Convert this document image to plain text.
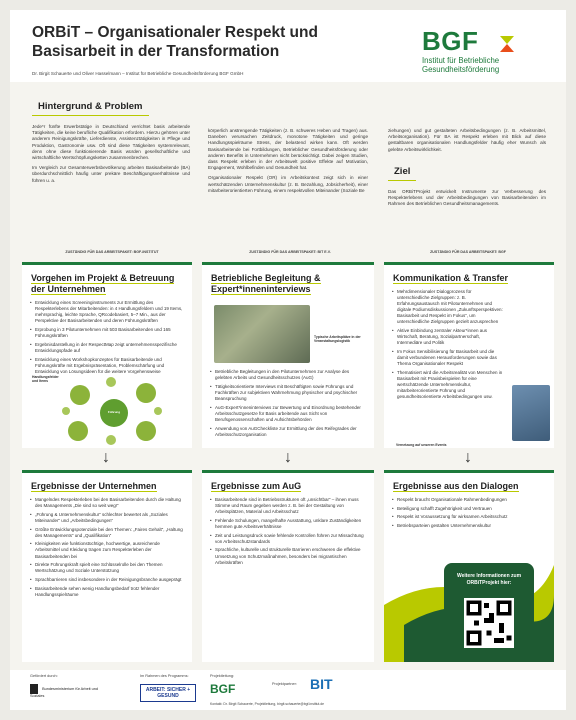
ORBiT – Organisationaler Respekt und Basisarbeit in der Transformation
Dr. Birgit Schauerte und Oliver Hasselmann – Institut für Betriebliche Gesundheitsförderung BGF GmbH
BGF
Institut für Betriebliche
Gesundheitsförderung
Hintergrund & Problem

Jede*r fünfte Erwerbstätige in Deutschland verrichtet basis arbeitende Tätigkeiten, die keine berufliche Qualifikation erfordern. Hierzu gehören unter anderem Reinigungskräfte, Lieferdienste, Assistenztätigkeiten in Pflege und Produktion, Gastronomie usw. Oft sind diese Tätigkeiten systemrelevant, denn ohne diese funktionierende Basis würden gesellschaftliche und wirtschaftliche Wertschöpfungsketten zusammenbrechen.

Im Vergleich zur Gesamterwerbsbevölkerung arbeiten Basisarbeitende (BA) überdurchschnittlich häufig unter prekäre Beschäftigungsverhältnisse und führen u. a.

körperlich anstrengende Tätigkeiten (z. B. schweres Heben und Tragen) aus. Daneben verursachen Zeitdruck, monotone Tätigkeiten und geringe Handlungsspielräume Stress, der belastend wirken kann. Oft werden Basisarbeitende bei Fortbildungen, Betrieblicher Gesundheitsförderung oder anderen Benefits in Unternehmen nicht berücksichtigt. Dabei zeigen Studien, dass Respekt erleben in der Arbeitswelt positive Effekte auf Motivation, Engagement, Wohlbefinden und Gesundheit hat.

Organisationaler Respekt (OR) im Arbeitskontext zeigt sich in einer wertschätzenden Unternehmenskultur (z. B. Bezahlung, Jobsicherheit), einer mitarbeiterorientierten Führung, einem respektvollen Miteinander (Soziale Be

ziehungen) und gut gestalteten Arbeitsbedingungen (z. B. Arbeitsmittel, Arbeitsorganisation). Für BA ist Respekt erleben mit Blick auf diese gestaltbaren organisationalen Handlungsfelder häufig eher Wunsch als gelebte Arbeitswirklichkeit.

Ziel

Das ORBiTProjekt entwickelt Instrumente zur Verbesserung des Respekterlebens und der Arbeitsbedingungen von Basisarbeitenden im Rahmen des Betrieblichen Gesundheitsmanagements.

ZUSTÄNDIG FÜR DAS ARBEITSPAKET: BGF-INSTITUT	ZUSTÄNDIG FÜR DAS ARBEITSPAKET: BIT E.V.	ZUSTÄNDIG FÜR DAS ARBEITSPAKET: BGF
Vorgehen im Projekt & Betreuung der Unternehmen
• Entwicklung eines Screeninginstruments zur Ermittlung des Respekterlebens der Mitarbeitenden: in 4 Handlungsfeldern und 19 Items, mehrsprachig, leichte Sprache, QRcodebasiert, 5–7 Min., aus der Perspektive der Basisarbeitenden und deren Führungskräften
• Erprobung in 3 Pilotunternehmen mit 503 Basisarbeitenden und 165 Führungskräften
• Ergebnisdarstellung in der RespectMap zeigt unternehmensspezifische Entwicklungspfade auf
• Entwicklung eines Workshopkonzeptes für Basisarbeitende und Führungskräfte mit Ergebnispräsentation, Problemschärfung und Entwicklung von Lösungsideen für die weitere Vorgehensweise
Handlungsfelder und Items
Führung
Betriebliche Begleitung & Expert*inneninterviews
Typische Arbeitsplätze in der Veranstaltungslogistik
• Betriebliche Begleitungen in den Pilotunternehmen zur Analyse des gelebten Arbeits und Gesundheitsschutzes (AuG)
• Tätigkeitsorientierte Interviews mit Beschäftigten sowie Führungs und Fachkräften zur subjektiven Wahrnehmung physischer und psychischer Beanspruchung
• AuG-Expert*inneninterviews zur Bewertung und Einordnung bestehender Arbeitsschutzgesetze für Basis arbeitende aus Sicht von Berufsgenossenschaften und Aufsichtsbehörden
• Anwendung von AuGCheckliste zur Ermittlung der des Reifegrades der Arbeitsschutzorganisation
Kommunikation & Transfer
• Mehrdimensionaler Dialogprozess für unterschiedliche Zielgruppen: z. B. Erfahrungsaustausch mit Pilotunternehmen und digitale Podiumsdiskussionen „Zukunftsperspektiven: Basisarbeit und Respekt im Fokus“, um unterschiedliche Zielgruppen gezielt anzusprechen
• Aktive Einbindung zentraler Akteur*innen aus Wirtschaft, Beratung, Sozialpartnerschaft, Intermediäre und Politik
• Im Fokus Sensibilisierung für Basisarbeit und die damit verbundenen Herausforderungen sowie das Thema Organisationaler Respekt
• Thematisiert wird die Arbeitsrealität von Menschen in Basisarbeit mit Praxisbeispielen für eine wertschätzende Unternehmenskultur, mitarbeiterorientierte Führung und gesundheitsorientierte Arbeitsbedingungen usw.
Vernetzung auf unseren Events
↓	↓	↓
Ergebnisse der Unternehmen
• Mangelndes Respekterleben bei den Basisarbeitenden durch die Haltung des Managements „Die sind so weit weg!“
• „Führung & Unternehmenskultur“ schlechter bewertet als „Soziales Miteinander“ und „Arbeitsbedingungen“
• Größte Entwicklungspotenziale bei den Themen: „Faires Gehalt“, „Haltung des Managements“ und „Qualifikation“
• Kleinigkeiten wie funktionstüchtige, hochwertige, ausreichende Arbeitsmittel und Kleidung tragen zum Respekterleben der Basisarbeitenden bei
• Direkte Führungskraft spielt eine Schlüsselrolle bei den Themen Wertschätzung und Soziale Unterstützung
• Sprachbarrieren sind insbesondere in der Reinigungsbranche ausgeprägt
• Basisarbeitende sehen wenig Handlungsbedarf trotz fehlender Handlungsspielräume
Ergebnisse zum AuG
• Basisarbeitende sind in Betriebsstrukturen oft „unsichtbar“ – ihnen muss Stimme und Raum gegeben werden z. B. bei der Gestaltung von Arbeitsplätzen, Material und Arbeitsschutz
• Fehlende Schulungen, mangelhafte Ausstattung, unklare Zuständigkeiten hemmen gute Arbeitsverhältnisse
• Zeit und Leistungsdruck sowie fehlende Kontrollen führen zur Missachtung von Arbeitsschutzstandards
• Sprachliche, kulturelle und strukturelle Barrieren erschweren die effektive Umsetzung von Schutzmaßnahmen, besonders bei migrantischen Arbeitskräften
Ergebnisse aus den Dialogen
• Respekt braucht Organisationale Rahmenbedingungen
• Beteiligung schafft Zugehörigkeit und Vertrauen
• Respekt ist Voraussetzung für wirksamen Arbeitsschutz
• Betriebsparteien gestalten Unternehmenskultur
Weitere Informationen zum ORBiTProjekt hier:
Gefördert durch:
Bundesministerium für Arbeit und Soziales
Im Rahmen des Programms:
ARBEIT: SICHER + GESUND
Projektleitung:
BGF	Projektpartner: BIT
Kontakt: Dr. Birgit Schauerte, Projektleitung, birgit.schauerte@bgf-institut.de
